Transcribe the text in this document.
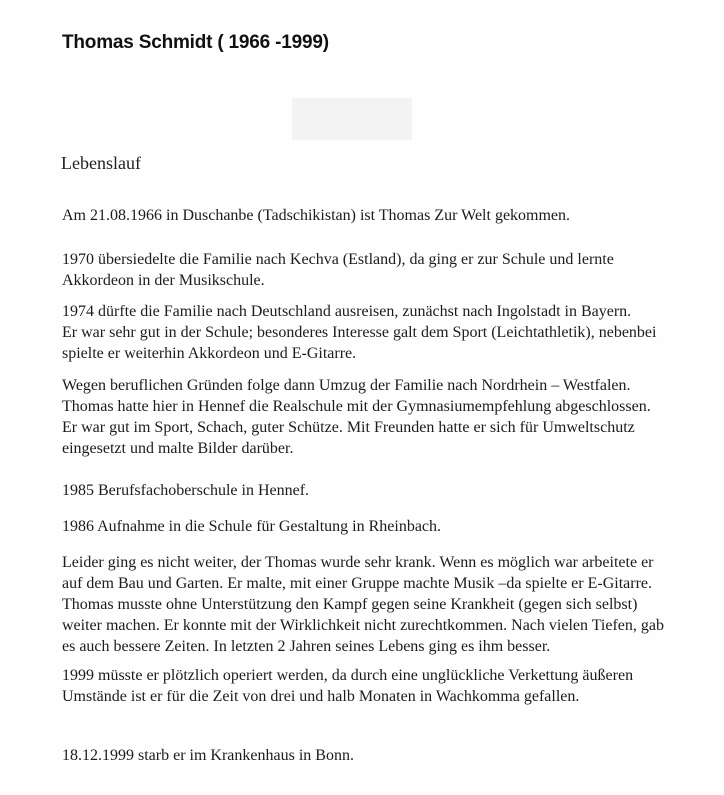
Thomas Schmidt ( 1966 -1999)
Lebenslauf

Am 21.08.1966 in Duschanbe (Tadschikistan) ist Thomas Zur Welt gekommen.

1970 übersiedelte die Familie nach Kechva (Estland), da ging er zur Schule und lernte
Akkordeon in der Musikschule.

1974 dürfte die Familie nach Deutschland ausreisen, zunächst nach Ingolstadt in Bayern.
Er war sehr gut in der Schule; besonderes Interesse galt dem Sport (Leichtathletik), nebenbei
spielte er weiterhin Akkordeon und E-Gitarre.

Wegen beruflichen Gründen folge dann Umzug der Familie nach Nordrhein – Westfalen.
Thomas hatte hier in Hennef die Realschule mit der Gymnasiumempfehlung abgeschlossen.
Er war gut im Sport, Schach, guter Schütze. Mit Freunden hatte er sich für Umweltschutz
eingesetzt und malte Bilder darüber.

1985 Berufsfachoberschule in Hennef.

1986 Aufnahme in die Schule für Gestaltung in Rheinbach.

Leider ging es nicht weiter, der Thomas wurde sehr krank. Wenn es möglich war arbeitete er
auf dem Bau und Garten. Er malte, mit einer Gruppe machte Musik –da spielte er E-Gitarre.
Thomas musste ohne Unterstützung den Kampf gegen seine Krankheit (gegen sich selbst)
weiter machen. Er konnte mit der Wirklichkeit nicht zurechtkommen. Nach vielen Tiefen, gab
es auch bessere Zeiten. In letzten 2 Jahren seines Lebens ging es ihm besser.

1999 müsste er plötzlich operiert werden, da durch eine unglückliche Verkettung äußeren
Umstände ist er für die Zeit von drei und halb Monaten in Wachkomma gefallen.

18.12.1999 starb er im Krankenhaus in Bonn.
